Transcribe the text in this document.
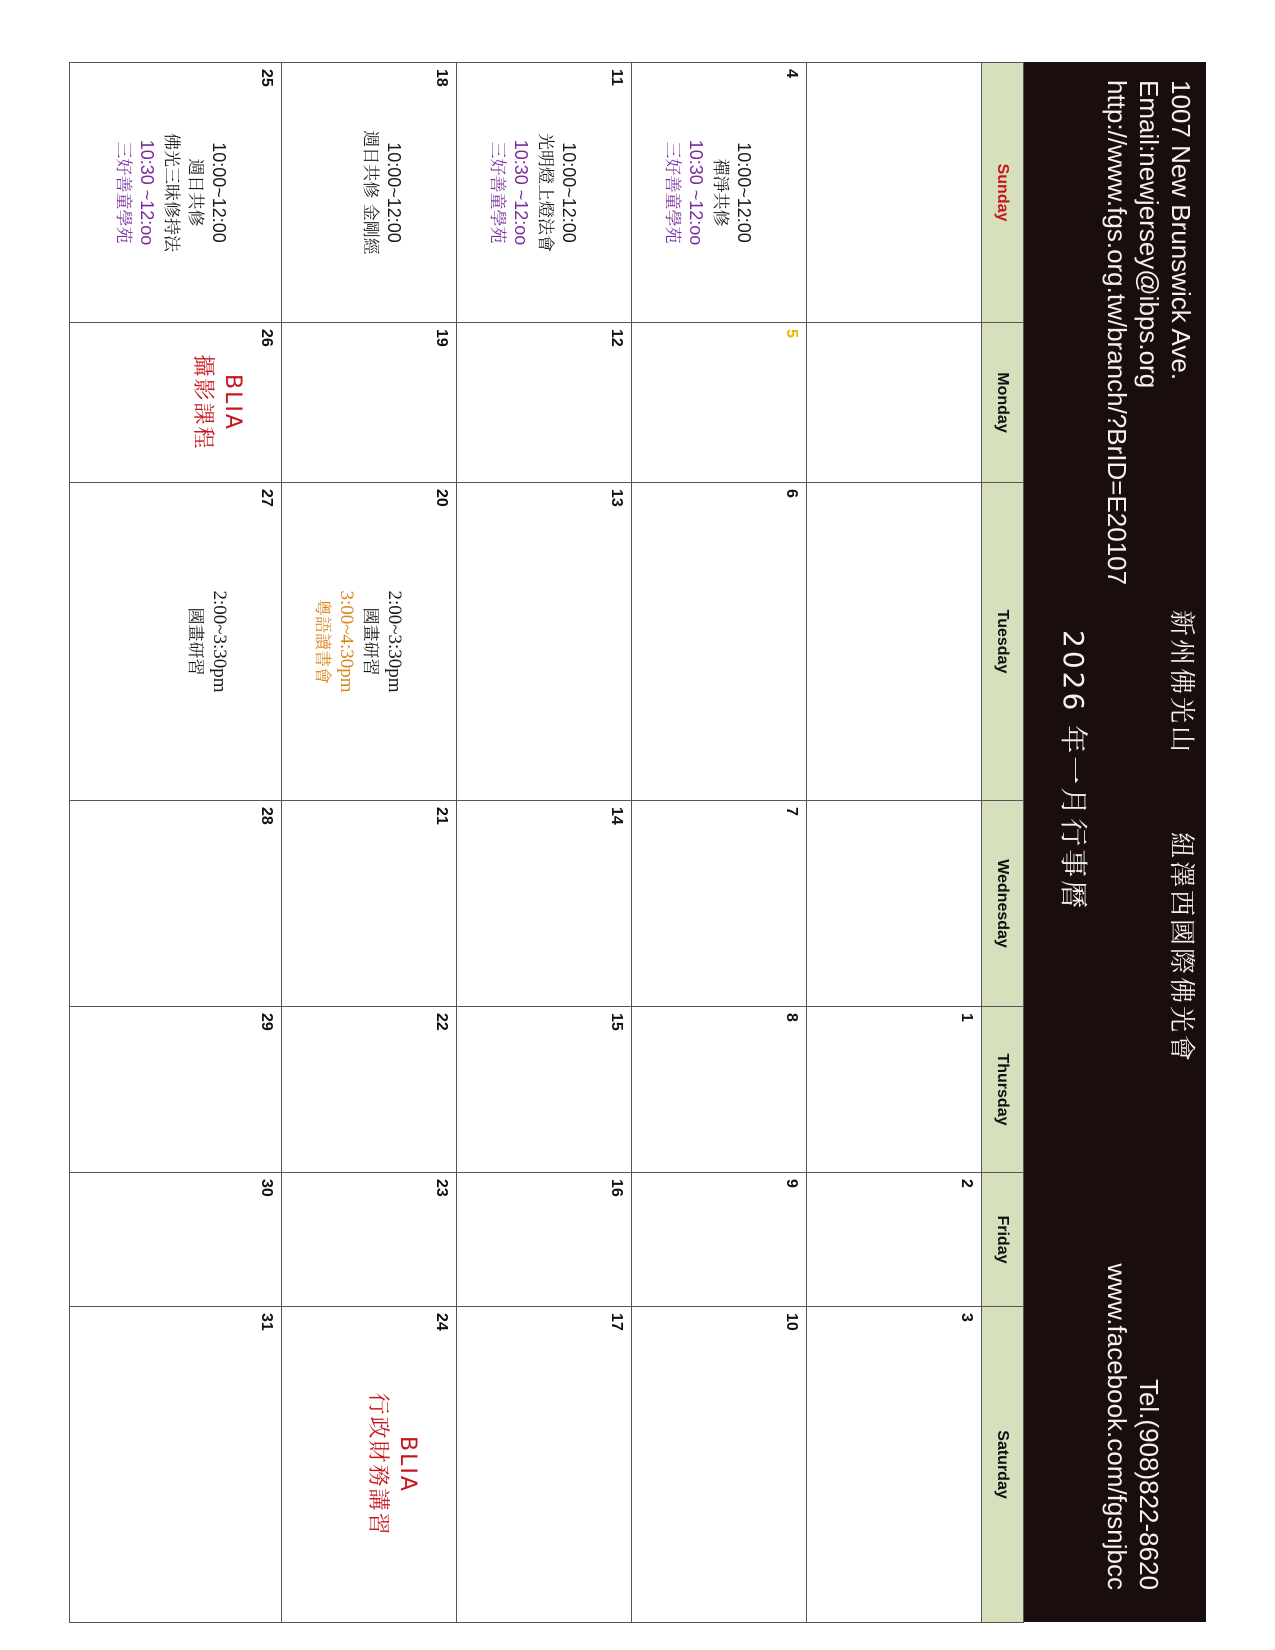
1007 New Brunswick Ave.
Email:newjersey@ibps.org
http://www.fgs.org.tw/branch/?BrID=E20107
新州佛光山
紐澤西國際佛光會
2026 年一月行事曆
Tel.(908)822-8620
www.facebook.com/fgsnjbcc
Sunday
Monday
Tuesday
Wednesday
Thursday
Friday
Saturday
1
2
3
4
10:00~12:00
禪淨共修
10:30 ~12:oo
三好善童學苑
5
6
7
8
9
10
11
10:00~12:00
光明燈上燈法會
10:30 ~12:oo
三好善童學苑
12
13
14
15
16
17
18
10:00~12:00
週日共修 金剛經
19
20
2:00~3:30pm
國畫研習
3:00~4:30pm
粵語讀書會
21
22
23
24
BLIA
行政財務講習
25
10:00~12:00
週日共修
佛光三昧修持法
10:30 ~12:oo
三好善童學苑
26
BLIA
攝影課程
27
2:00~3:30pm
國畫研習
28
29
30
31
